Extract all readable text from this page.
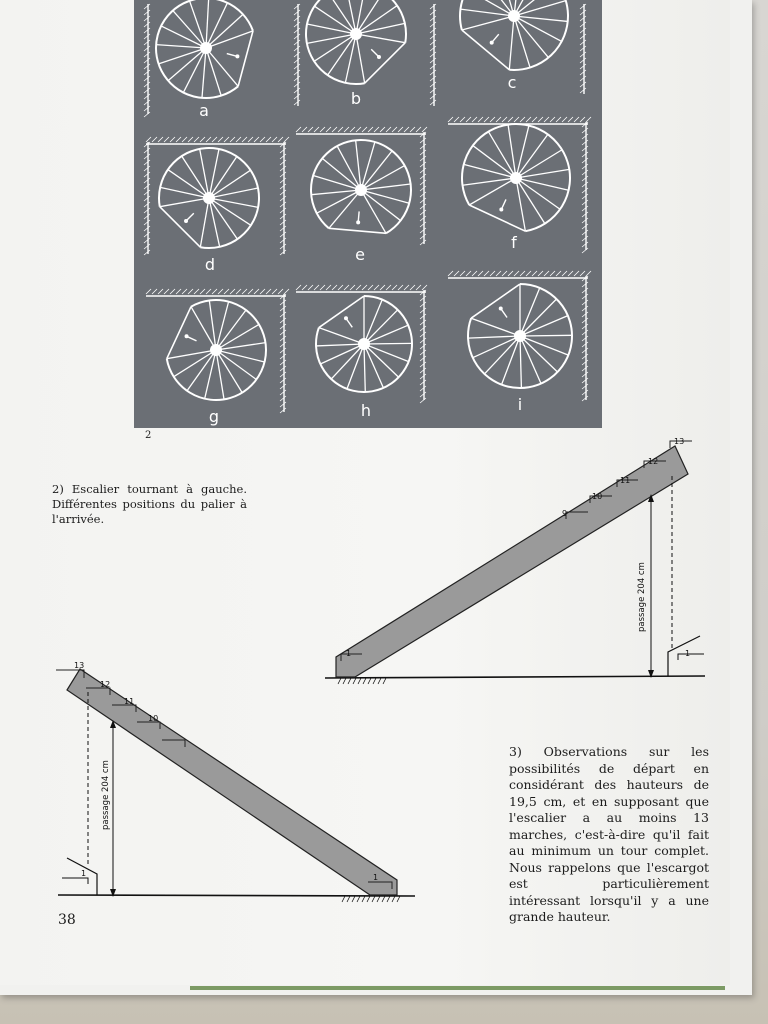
a
b
c
d
e
f
g	h	i
2
2) Escalier tournant à gauche. Différentes positions du palier à l'arrivée.
1
9
10
11
12
13
passage 204 cm
1
13
12
11
10
1
passage 204 cm
1
3) Observations sur les possibilités de départ en considérant des hauteurs de 19,5 cm, et en supposant que l'escalier a au moins 13 marches, c'est-à-dire qu'il fait au minimum un tour complet. Nous rappelons que l'escargot est particulièrement intéressant lorsqu'il y a une grande hauteur.
38
